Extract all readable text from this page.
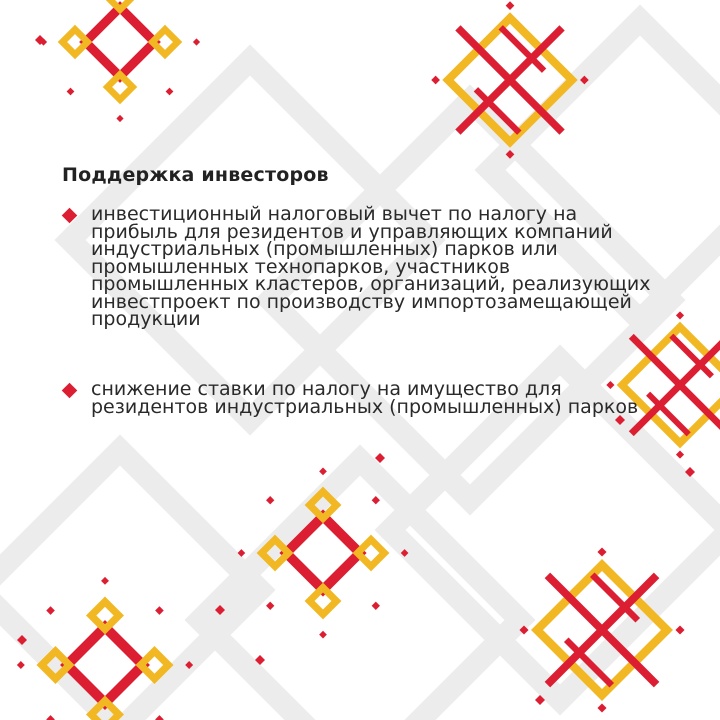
Поддержка инвесторов
инвестиционный налоговый вычет по налогу на прибыль для резидентов и управляющих компаний индустриальных (промышленных) парков или промышленных технопарков, участников промышленных кластеров, организаций, реализующих инвестпроект по производству импортозамещающей продукции
снижение ставки по налогу на имущество для резидентов индустриальных (промышленных) парков
